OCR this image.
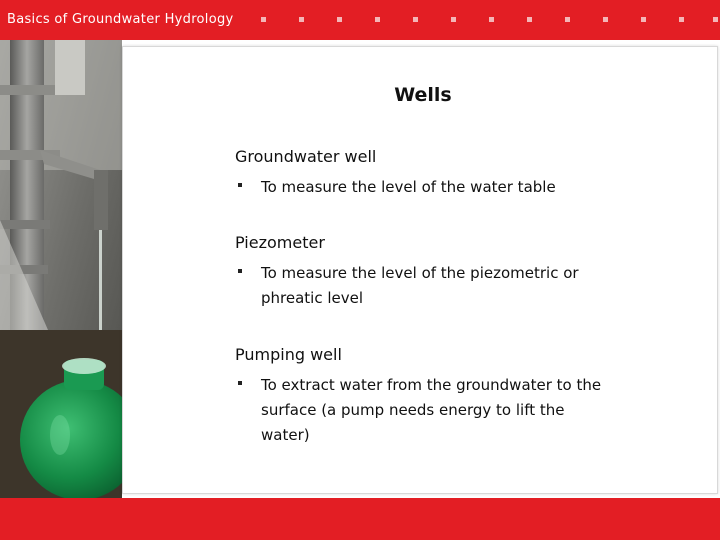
Basics of Groundwater Hydrology
Wells
Groundwater well
To measure the level of the water table
Piezometer
To measure the level of the piezometric or phreatic level
Pumping well
To extract water from the groundwater to the surface (a pump needs energy to lift the water)
